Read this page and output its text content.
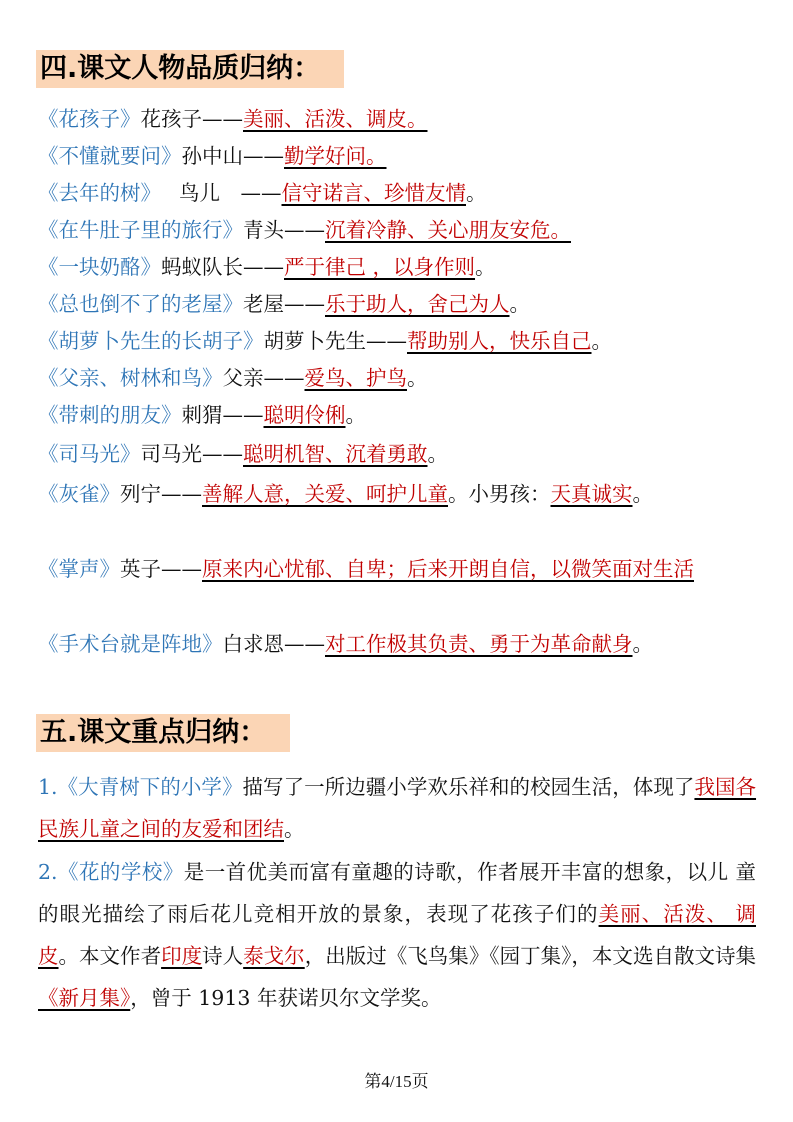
四.课文人物品质归纳：
《花孩子》花孩子——美丽、活泼、调皮。
《不懂就要问》孙中山——勤学好问。
《去年的树》 鸟儿　——信守诺言、珍惜友情。
《在牛肚子里的旅行》青头——沉着冷静、关心朋友安危。
《一块奶酪》蚂蚁队长——严于律己 ，以身作则。
《总也倒不了的老屋》老屋——乐于助人，舍己为人。
《胡萝卜先生的长胡子》胡萝卜先生——帮助别人，快乐自己。
《父亲、树林和鸟》父亲——爱鸟、护鸟。
《带刺的朋友》刺猬——聪明伶俐。
《司马光》司马光——聪明机智、沉着勇敢。
《灰雀》列宁——善解人意，关爱、呵护儿童。小男孩：天真诚实。
《掌声》英子——原来内心忧郁、自卑；后来开朗自信，以微笑面对生活
《手术台就是阵地》白求恩——对工作极其负责、勇于为革命献身。
五.课文重点归纳：
1.《大青树下的小学》描写了一所边疆小学欢乐祥和的校园生活，体现了我国各民族儿童之间的友爱和团结。
2.《花的学校》是一首优美而富有童趣的诗歌，作者展开丰富的想象，以儿 童的眼光描绘了雨后花儿竞相开放的景象，表现了花孩子们的美丽、活泼、 调皮。本文作者印度诗人泰戈尔，出版过《飞鸟集》《园丁集》，本文选自散文诗集《新月集》，曾于 1913 年获诺贝尔文学奖。
第4/15页
